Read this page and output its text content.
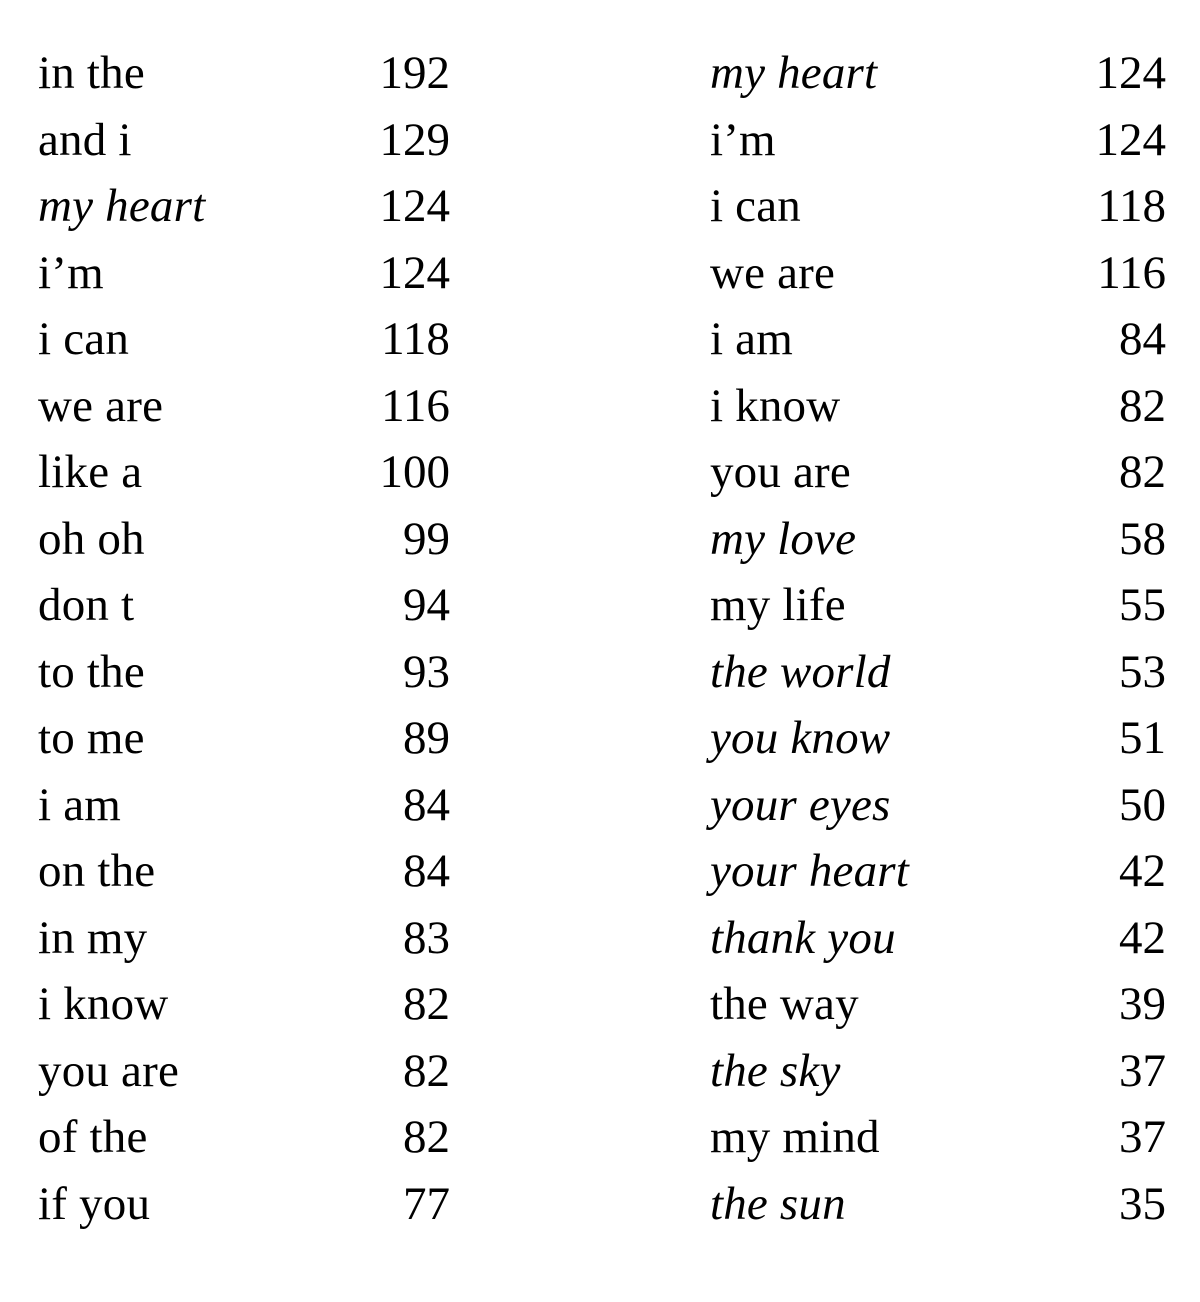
in the	192
and i	129
my heart	124
i’m	124
i can	118
we are	116
like a	100
oh oh	99
don t	94
to the	93
to me	89
i am	84
on the	84
in my	83
i know	82
you are	82
of the	82
if you	77
my heart	124
i’m	124
i can	118
we are	116
i am	84
i know	82
you are	82
my love	58
my life	55
the world	53
you know	51
your eyes	50
your heart	42
thank you	42
the way	39
the sky	37
my mind	37
the sun	35
